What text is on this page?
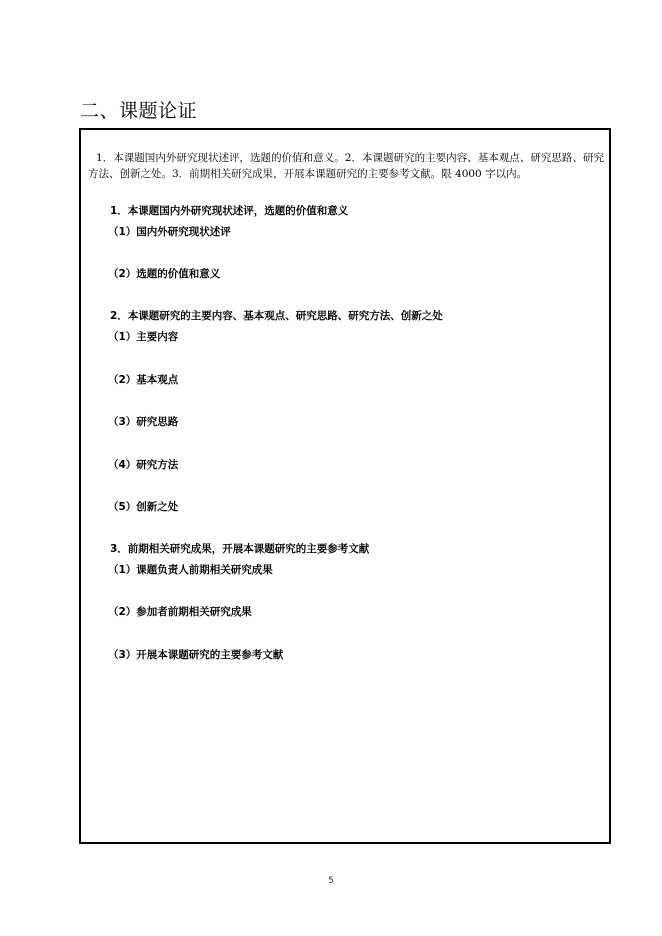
二、课题论证
1．本课题国内外研究现状述评，选题的价值和意义。2．本课题研究的主要内容、基本观点、研究思路、研究方法、创新之处。3．前期相关研究成果，开展本课题研究的主要参考文献。限 4000 字以内。
1．本课题国内外研究现状述评，选题的价值和意义
（1）国内外研究现状述评
（2）选题的价值和意义
2．本课题研究的主要内容、基本观点、研究思路、研究方法、创新之处
（1）主要内容
（2）基本观点
（3）研究思路
（4）研究方法
（5）创新之处
3．前期相关研究成果，开展本课题研究的主要参考文献
（1）课题负责人前期相关研究成果
（2）参加者前期相关研究成果
（3）开展本课题研究的主要参考文献
5
